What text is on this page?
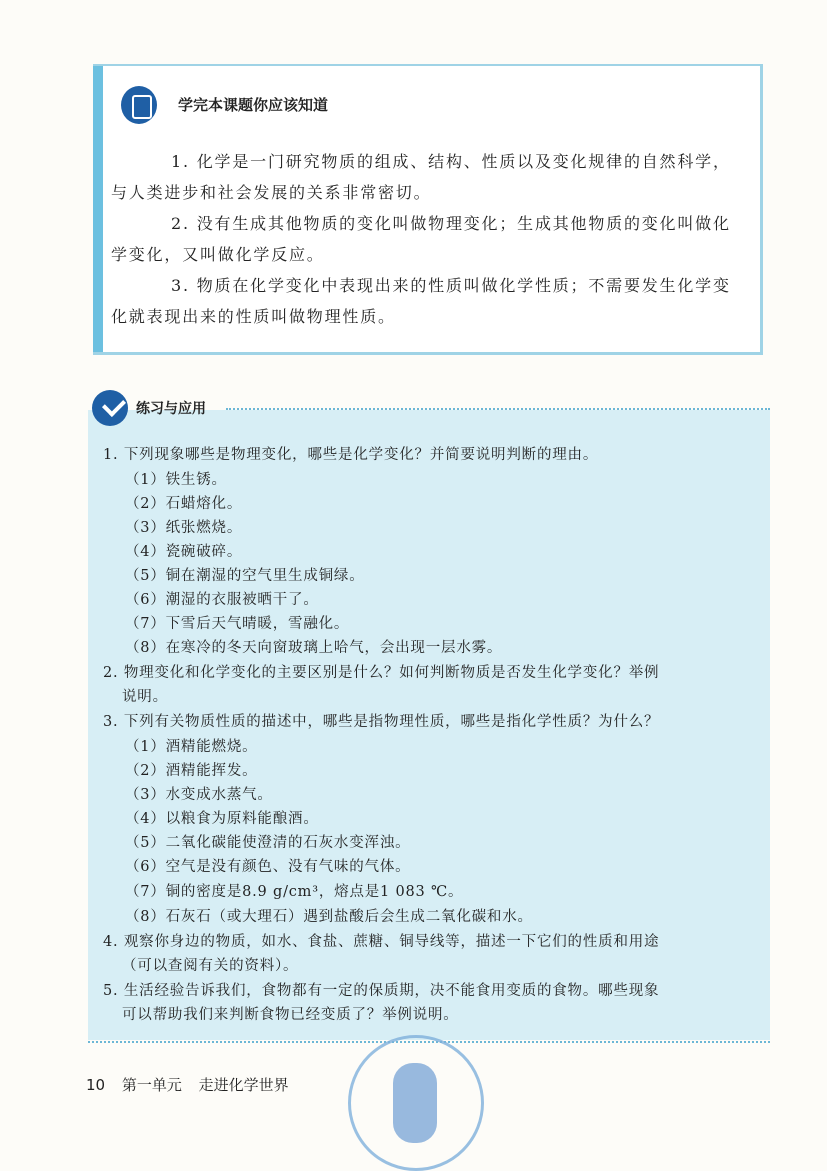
学完本课题你应该知道

1. 化学是一门研究物质的组成、结构、性质以及变化规律的自然科学，与人类进步和社会发展的关系非常密切。

2. 没有生成其他物质的变化叫做物理变化；生成其他物质的变化叫做化学变化，又叫做化学反应。

3. 物质在化学变化中表现出来的性质叫做化学性质；不需要发生化学变化就表现出来的性质叫做物理性质。

练习与应用
1. 下列现象哪些是物理变化，哪些是化学变化？并简要说明判断的理由。
（1）铁生锈。
（2）石蜡熔化。
（3）纸张燃烧。
（4）瓷碗破碎。
（5）铜在潮湿的空气里生成铜绿。
（6）潮湿的衣服被晒干了。
（7）下雪后天气晴暖，雪融化。
（8）在寒冷的冬天向窗玻璃上哈气，会出现一层水雾。
2. 物理变化和化学变化的主要区别是什么？如何判断物质是否发生化学变化？举例
说明。
3. 下列有关物质性质的描述中，哪些是指物理性质，哪些是指化学性质？为什么？
（1）酒精能燃烧。
（2）酒精能挥发。
（3）水变成水蒸气。
（4）以粮食为原料能酿酒。
（5）二氧化碳能使澄清的石灰水变浑浊。
（6）空气是没有颜色、没有气味的气体。
（7）铜的密度是8.9 g/cm³，熔点是1 083 ℃。
（8）石灰石（或大理石）遇到盐酸后会生成二氧化碳和水。
4. 观察你身边的物质，如水、食盐、蔗糖、铜导线等，描述一下它们的性质和用途
（可以查阅有关的资料）。
5. 生活经验告诉我们，食物都有一定的保质期，决不能食用变质的食物。哪些现象
可以帮助我们来判断食物已经变质了？举例说明。
10 第一单元 走进化学世界
